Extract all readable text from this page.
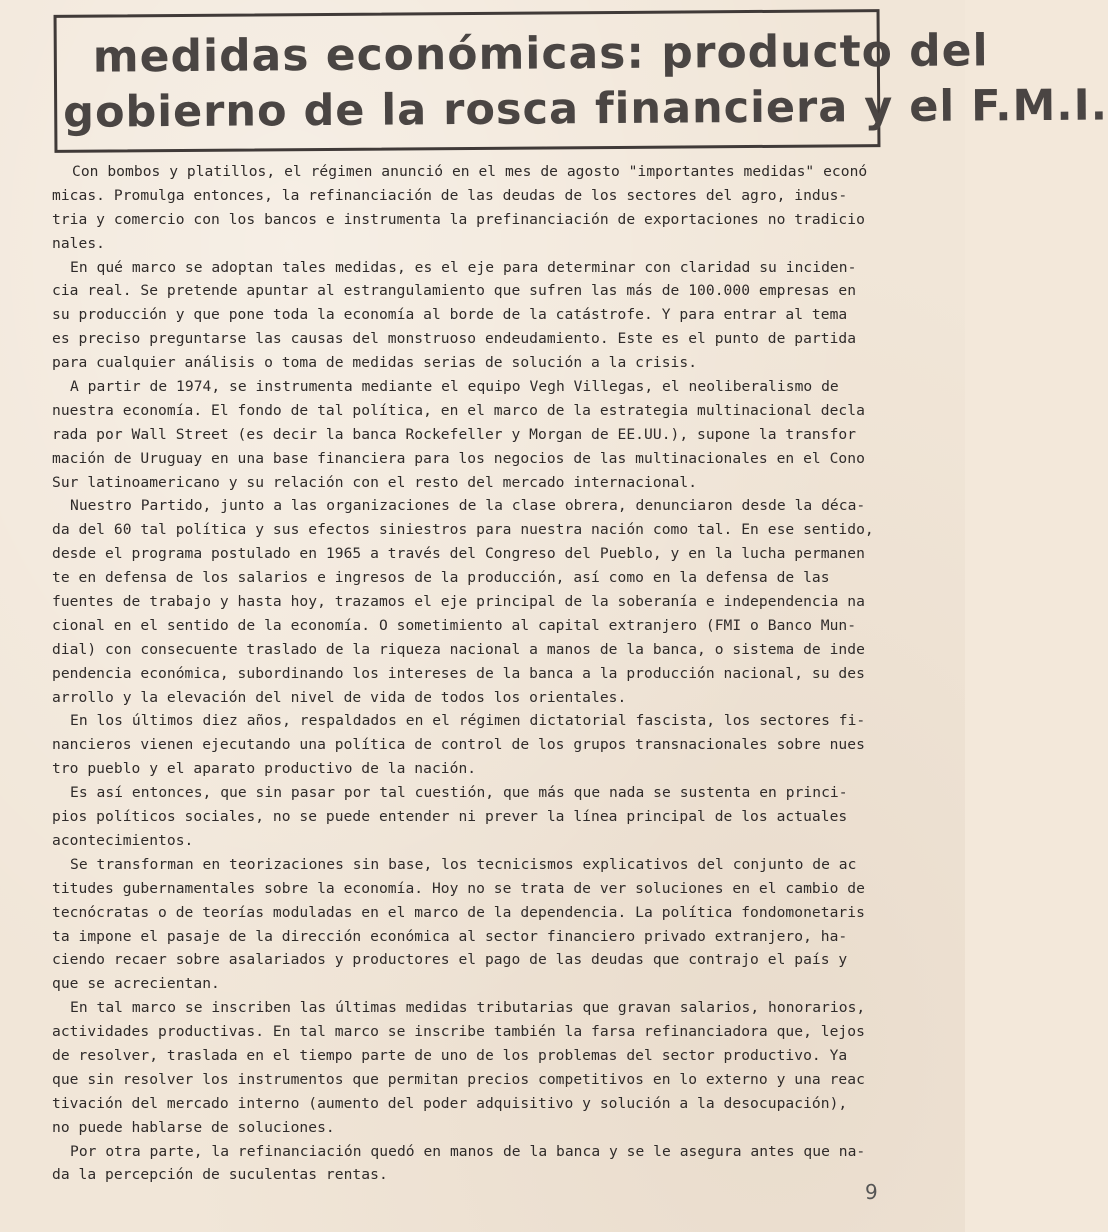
medidas económicas: producto del
gobierno de la rosca financiera y el F.M.I.

Con bombos y platillos, el régimen anunció en el mes de agosto "importantes medidas" econó
micas. Promulga entonces, la refinanciación de las deudas de los sectores del agro, indus-
tria y comercio con los bancos e instrumenta la prefinanciación de exportaciones no tradicio
nales.

En qué marco se adoptan tales medidas, es el eje para determinar con claridad su inciden-
cia real. Se pretende apuntar al estrangulamiento que sufren las más de 100.000 empresas en
su producción y que pone toda la economía al borde de la catástrofe. Y para entrar al tema
es preciso preguntarse las causas del monstruoso endeudamiento. Este es el punto de partida
para cualquier análisis o toma de medidas serias de solución a la crisis.

A partir de 1974, se instrumenta mediante el equipo Vegh Villegas, el neoliberalismo de
nuestra economía. El fondo de tal política, en el marco de la estrategia multinacional decla
rada por Wall Street (es decir la banca Rockefeller y Morgan de EE.UU.), supone la transfor
mación de Uruguay en una base financiera para los negocios de las multinacionales en el Cono
Sur latinoamericano y su relación con el resto del mercado internacional.

Nuestro Partido, junto a las organizaciones de la clase obrera, denunciaron desde la déca-
da del 60 tal política y sus efectos siniestros para nuestra nación como tal. En ese sentido,
desde el programa postulado en 1965 a través del Congreso del Pueblo, y en la lucha permanen
te en defensa de los salarios e ingresos de la producción, así como en la defensa de las
fuentes de trabajo y hasta hoy, trazamos el eje principal de la soberanía e independencia na
cional en el sentido de la economía. O sometimiento al capital extranjero (FMI o Banco Mun-
dial) con consecuente traslado de la riqueza nacional a manos de la banca, o sistema de inde
pendencia económica, subordinando los intereses de la banca a la producción nacional, su des
arrollo y la elevación del nivel de vida de todos los orientales.

En los últimos diez años, respaldados en el régimen dictatorial fascista, los sectores fi-
nancieros vienen ejecutando una política de control de los grupos transnacionales sobre nues
tro pueblo y el aparato productivo de la nación.

Es así entonces, que sin pasar por tal cuestión, que más que nada se sustenta en princi-
pios políticos sociales, no se puede entender ni prever la línea principal de los actuales
acontecimientos.

Se transforman en teorizaciones sin base, los tecnicismos explicativos del conjunto de ac
titudes gubernamentales sobre la economía. Hoy no se trata de ver soluciones en el cambio de
tecnócratas o de teorías moduladas en el marco de la dependencia. La política fondomonetaris
ta impone el pasaje de la dirección económica al sector financiero privado extranjero, ha-
ciendo recaer sobre asalariados y productores el pago de las deudas que contrajo el país y
que se acrecientan.

En tal marco se inscriben las últimas medidas tributarias que gravan salarios, honorarios,
actividades productivas. En tal marco se inscribe también la farsa refinanciadora que, lejos
de resolver, traslada en el tiempo parte de uno de los problemas del sector productivo. Ya
que sin resolver los instrumentos que permitan precios competitivos en lo externo y una reac
tivación del mercado interno (aumento del poder adquisitivo y solución a la desocupación),
no puede hablarse de soluciones.

Por otra parte, la refinanciación quedó en manos de la banca y se le asegura antes que na-
da la percepción de suculentas rentas.

9
